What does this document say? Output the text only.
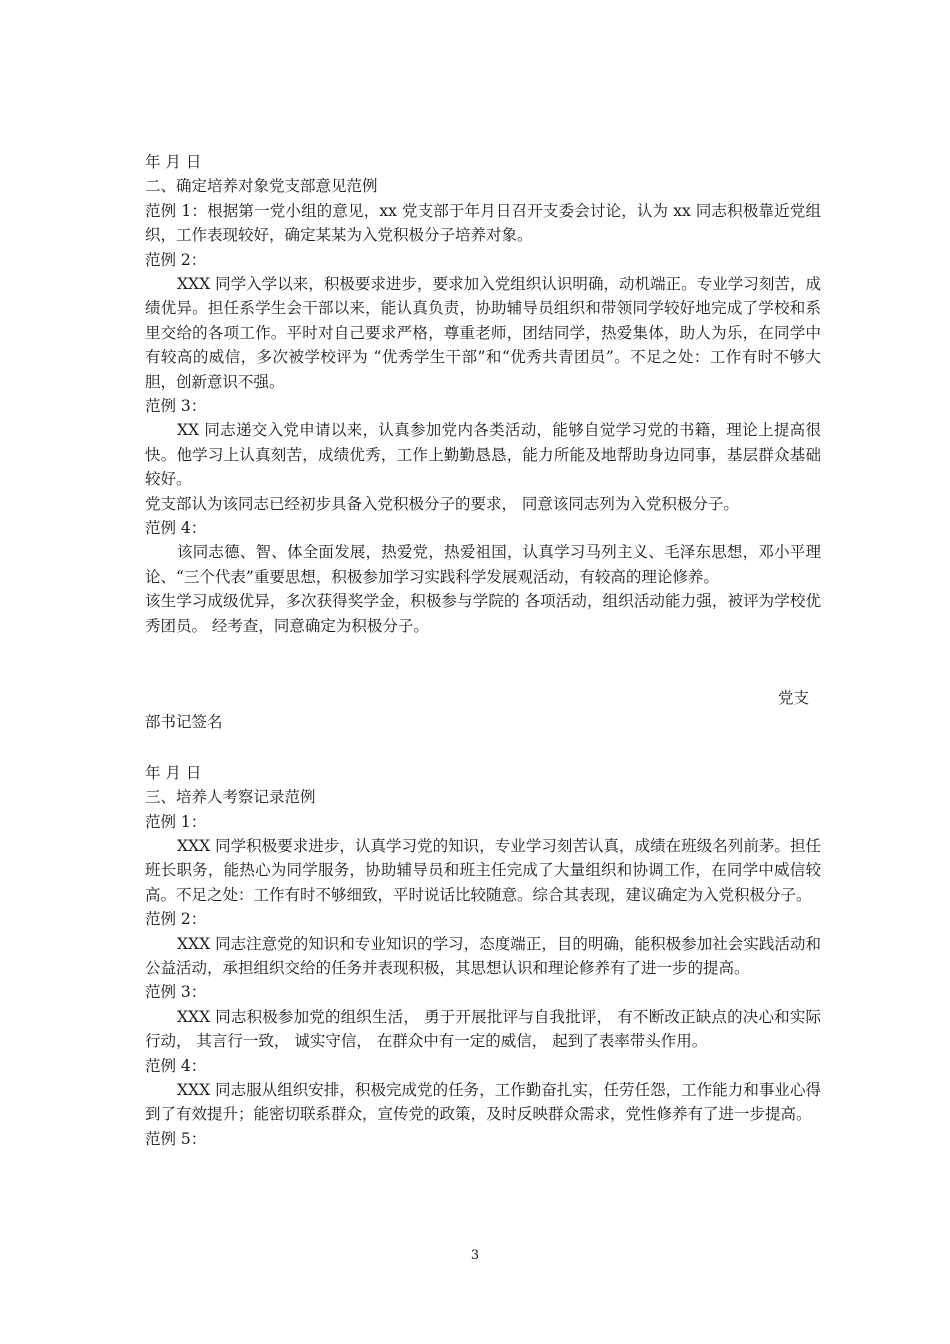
年 月 日
二、确定培养对象党支部意见范例
范例 1：根据第一党小组的意见，xx 党支部于年月日召开支委会讨论，认为 xx 同志积极靠近党组织，工作表现较好，确定某某为入党积极分子培养对象。
范例 2：
XXX 同学入学以来，积极要求进步，要求加入党组织认识明确，动机端正。专业学习刻苦，成绩优异。担任系学生会干部以来，能认真负责，协助辅导员组织和带领同学较好地完成了学校和系里交给的各项工作。平时对自己要求严格，尊重老师，团结同学，热爱集体，助人为乐，在同学中有较高的威信，多次被学校评为 “优秀学生干部”和“优秀共青团员”。不足之处：工作有时不够大胆，创新意识不强。
范例 3：
XX 同志递交入党申请以来，认真参加党内各类活动，能够自觉学习党的书籍，理论上提高很快。他学习上认真刻苦，成绩优秀，工作上勤勤恳恳，能力所能及地帮助身边同事，基层群众基础较好。
党支部认为该同志已经初步具备入党积极分子的要求， 同意该同志列为入党积极分子。
范例 4：
该同志德、智、体全面发展，热爱党，热爱祖国，认真学习马列主义、毛泽东思想，邓小平理论、“三个代表”重要思想，积极参加学习实践科学发展观活动，有较高的理论修养。
该生学习成级优异，多次获得奖学金，积极参与学院的 各项活动，组织活动能力强，被评为学校优秀团员。 经考查，同意确定为积极分子。
党支
部书记签名
年 月 日
三、培养人考察记录范例
范例 1：
XXX 同学积极要求进步，认真学习党的知识，专业学习刻苦认真，成绩在班级名列前茅。担任班长职务，能热心为同学服务，协助辅导员和班主任完成了大量组织和协调工作，在同学中威信较高。不足之处：工作有时不够细致，平时说话比较随意。综合其表现，建议确定为入党积极分子。
范例 2：
XXX 同志注意党的知识和专业知识的学习，态度端正，目的明确，能积极参加社会实践活动和公益活动，承担组织交给的任务并表现积极，其思想认识和理论修养有了进一步的提高。
范例 3：
XXX 同志积极参加党的组织生活， 勇于开展批评与自我批评， 有不断改正缺点的决心和实际行动， 其言行一致， 诚实守信， 在群众中有一定的威信， 起到了表率带头作用。
范例 4：
XXX 同志服从组织安排，积极完成党的任务，工作勤奋扎实，任劳任怨，工作能力和事业心得到了有效提升；能密切联系群众，宣传党的政策，及时反映群众需求，党性修养有了进一步提高。
范例 5：
3
